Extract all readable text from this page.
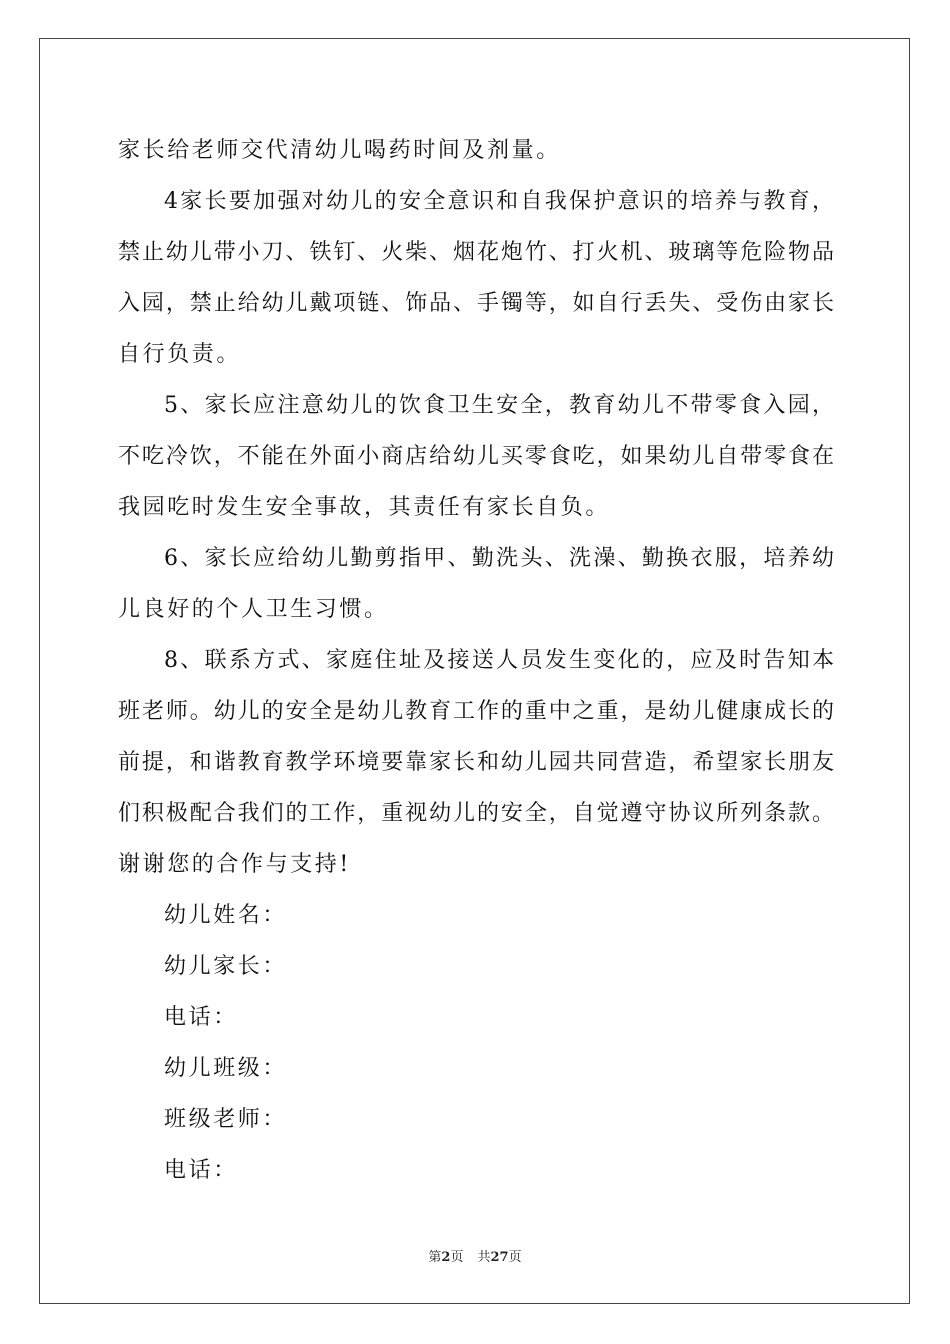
家长给老师交代清幼儿喝药时间及剂量。
4家长要加强对幼儿的安全意识和自我保护意识的培养与教育，
禁止幼儿带小刀、铁钉、火柴、烟花炮竹、打火机、玻璃等危险物品
入园，禁止给幼儿戴项链、饰品、手镯等，如自行丢失、受伤由家长
自行负责。
5、家长应注意幼儿的饮食卫生安全，教育幼儿不带零食入园，
不吃冷饮，不能在外面小商店给幼儿买零食吃，如果幼儿自带零食在
我园吃时发生安全事故，其责任有家长自负。
6、家长应给幼儿勤剪指甲、勤洗头、洗澡、勤换衣服，培养幼
儿良好的个人卫生习惯。
8、联系方式、家庭住址及接送人员发生变化的，应及时告知本
班老师。幼儿的安全是幼儿教育工作的重中之重，是幼儿健康成长的
前提，和谐教育教学环境要靠家长和幼儿园共同营造，希望家长朋友
们积极配合我们的工作，重视幼儿的安全，自觉遵守协议所列条款。
谢谢您的合作与支持!
幼儿姓名：
幼儿家长：
电话：
幼儿班级：
班级老师：
电话：
第2页 共27页
